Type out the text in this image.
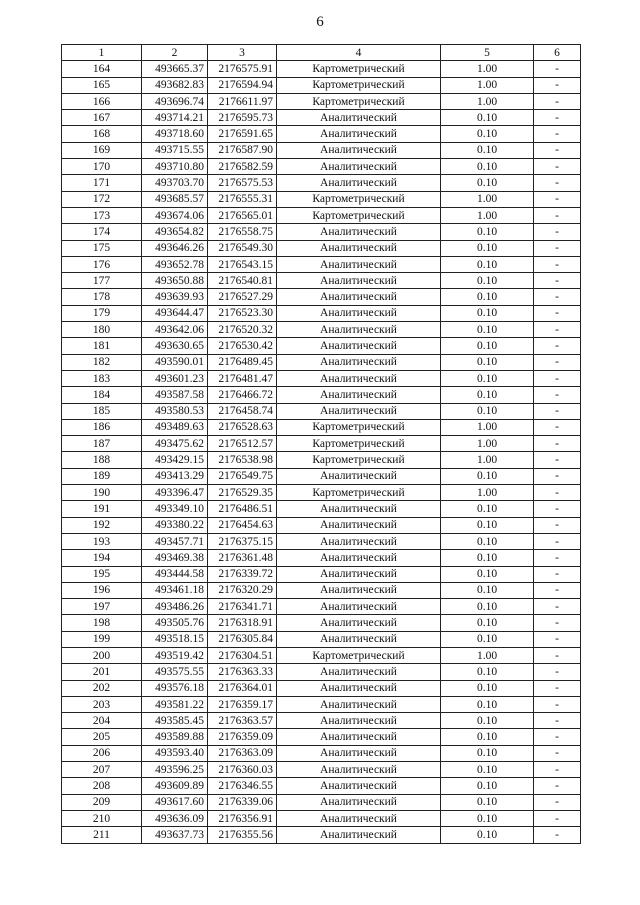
6
1	2	3	4	5	6
164	493665.37	2176575.91	Картометрический	1.00	-
165	493682.83	2176594.94	Картометрический	1.00	-
166	493696.74	2176611.97	Картометрический	1.00	-
167	493714.21	2176595.73	Аналитический	0.10	-
168	493718.60	2176591.65	Аналитический	0.10	-
169	493715.55	2176587.90	Аналитический	0.10	-
170	493710.80	2176582.59	Аналитический	0.10	-
171	493703.70	2176575.53	Аналитический	0.10	-
172	493685.57	2176555.31	Картометрический	1.00	-
173	493674.06	2176565.01	Картометрический	1.00	-
174	493654.82	2176558.75	Аналитический	0.10	-
175	493646.26	2176549.30	Аналитический	0.10	-
176	493652.78	2176543.15	Аналитический	0.10	-
177	493650.88	2176540.81	Аналитический	0.10	-
178	493639.93	2176527.29	Аналитический	0.10	-
179	493644.47	2176523.30	Аналитический	0.10	-
180	493642.06	2176520.32	Аналитический	0.10	-
181	493630.65	2176530.42	Аналитический	0.10	-
182	493590.01	2176489.45	Аналитический	0.10	-
183	493601.23	2176481.47	Аналитический	0.10	-
184	493587.58	2176466.72	Аналитический	0.10	-
185	493580.53	2176458.74	Аналитический	0.10	-
186	493489.63	2176528.63	Картометрический	1.00	-
187	493475.62	2176512.57	Картометрический	1.00	-
188	493429.15	2176538.98	Картометрический	1.00	-
189	493413.29	2176549.75	Аналитический	0.10	-
190	493396.47	2176529.35	Картометрический	1.00	-
191	493349.10	2176486.51	Аналитический	0.10	-
192	493380.22	2176454.63	Аналитический	0.10	-
193	493457.71	2176375.15	Аналитический	0.10	-
194	493469.38	2176361.48	Аналитический	0.10	-
195	493444.58	2176339.72	Аналитический	0.10	-
196	493461.18	2176320.29	Аналитический	0.10	-
197	493486.26	2176341.71	Аналитический	0.10	-
198	493505.76	2176318.91	Аналитический	0.10	-
199	493518.15	2176305.84	Аналитический	0.10	-
200	493519.42	2176304.51	Картометрический	1.00	-
201	493575.55	2176363.33	Аналитический	0.10	-
202	493576.18	2176364.01	Аналитический	0.10	-
203	493581.22	2176359.17	Аналитический	0.10	-
204	493585.45	2176363.57	Аналитический	0.10	-
205	493589.88	2176359.09	Аналитический	0.10	-
206	493593.40	2176363.09	Аналитический	0.10	-
207	493596.25	2176360.03	Аналитический	0.10	-
208	493609.89	2176346.55	Аналитический	0.10	-
209	493617.60	2176339.06	Аналитический	0.10	-
210	493636.09	2176356.91	Аналитический	0.10	-
211	493637.73	2176355.56	Аналитический	0.10	-
